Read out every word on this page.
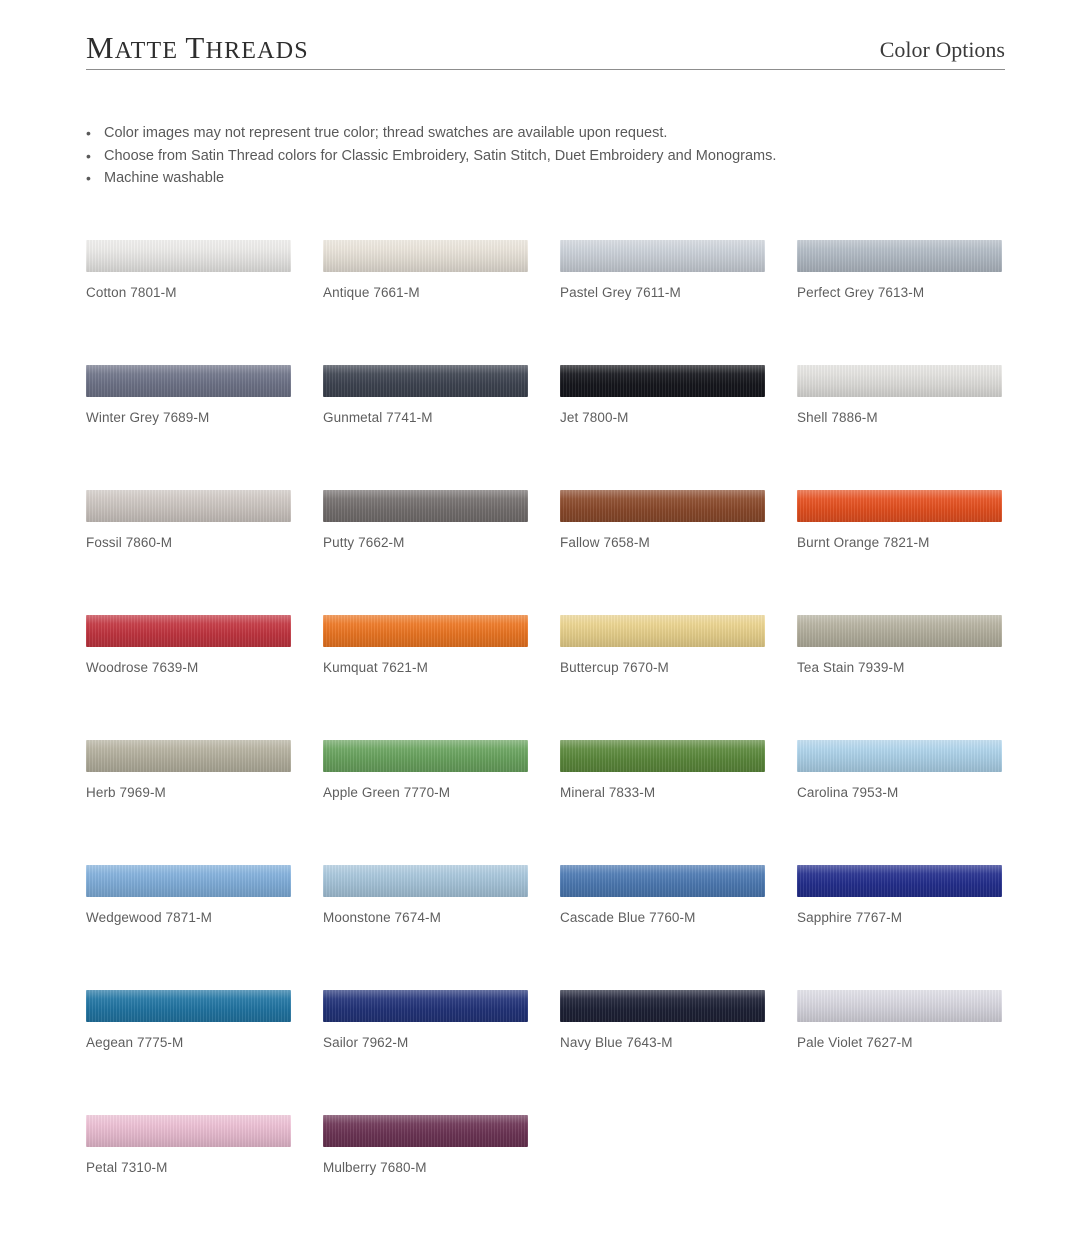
MATTE THREADS	Color Options
• Color images may not represent true color; thread swatches are available upon request.
• Choose from Satin Thread colors for Classic Embroidery, Satin Stitch, Duet Embroidery and Monograms.
• Machine washable
Cotton 7801-M	Antique 7661-M	Pastel Grey 7611-M	Perfect Grey 7613-M
Winter Grey 7689-M	Gunmetal 7741-M	Jet 7800-M	Shell 7886-M
Fossil 7860-M	Putty 7662-M	Fallow 7658-M	Burnt Orange 7821-M
Woodrose 7639-M	Kumquat 7621-M	Buttercup 7670-M	Tea Stain 7939-M
Herb 7969-M	Apple Green 7770-M	Mineral 7833-M	Carolina 7953-M
Wedgewood 7871-M	Moonstone 7674-M	Cascade Blue 7760-M	Sapphire 7767-M
Aegean 7775-M	Sailor 7962-M	Navy Blue 7643-M	Pale Violet 7627-M
Petal 7310-M	Mulberry 7680-M
